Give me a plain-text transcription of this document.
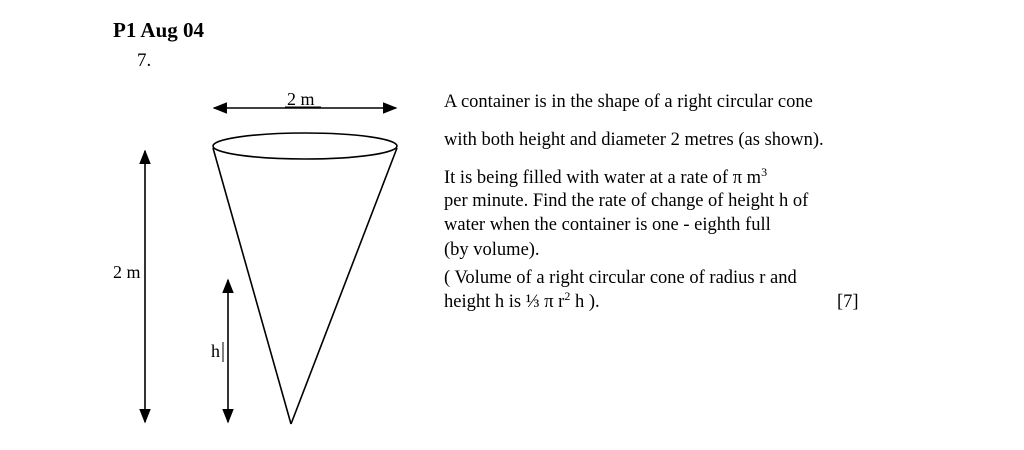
P1 Aug 04
7.
2 m
2 m
h
A container is in the shape of a right circular cone
with both height and diameter 2 metres (as shown).
It is being filled with water at a rate of π $m^3$
per minute. Find the rate of change of height h of
water when the container is one - eighth full
(by volume).
( Volume of a right circular cone of radius r and
height h is ⅓ π $r^2$ h ).	[7]
